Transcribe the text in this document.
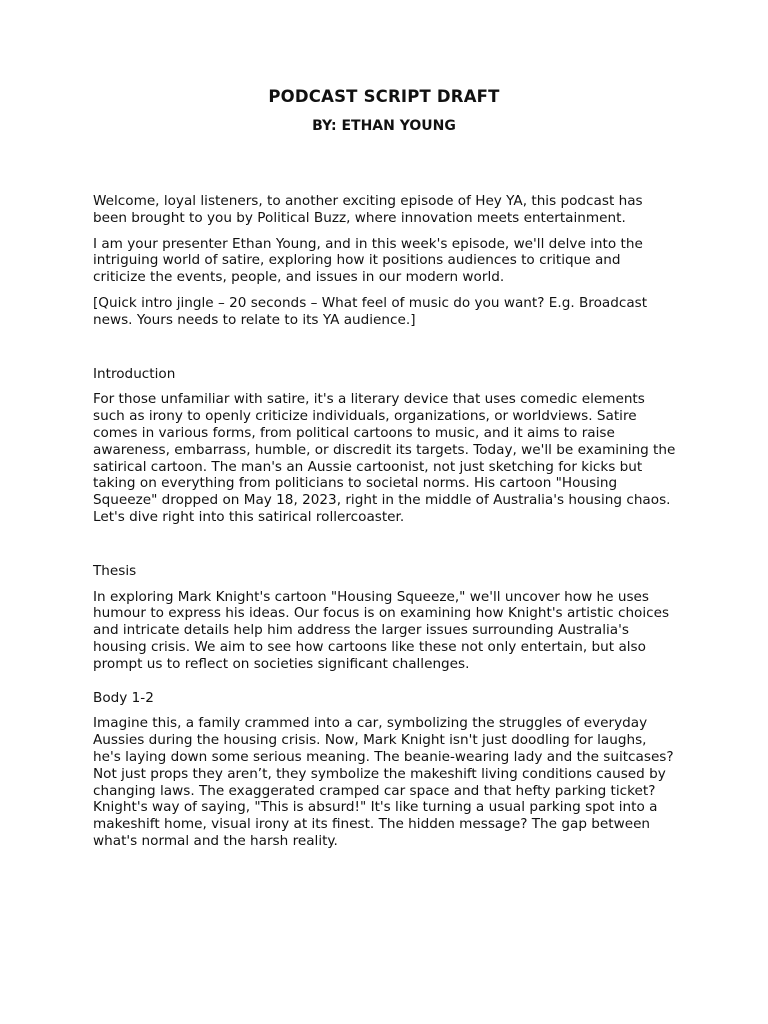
PODCAST SCRIPT DRAFT
BY: ETHAN YOUNG

Welcome, loyal listeners, to another exciting episode of Hey YA, this podcast has been brought to you by Political Buzz, where innovation meets entertainment.

I am your presenter Ethan Young, and in this week's episode, we'll delve into the intriguing world of satire, exploring how it positions audiences to critique and criticize the events, people, and issues in our modern world.

[Quick intro jingle – 20 seconds – What feel of music do you want? E.g. Broadcast news. Yours needs to relate to its YA audience.]

Introduction

For those unfamiliar with satire, it's a literary device that uses comedic elements such as irony to openly criticize individuals, organizations, or worldviews. Satire comes in various forms, from political cartoons to music, and it aims to raise awareness, embarrass, humble, or discredit its targets. Today, we'll be examining the satirical cartoon. The man's an Aussie cartoonist, not just sketching for kicks but taking on everything from politicians to societal norms. His cartoon "Housing Squeeze" dropped on May 18, 2023, right in the middle of Australia's housing chaos. Let's dive right into this satirical rollercoaster.

Thesis

In exploring Mark Knight's cartoon "Housing Squeeze," we'll uncover how he uses humour to express his ideas. Our focus is on examining how Knight's artistic choices and intricate details help him address the larger issues surrounding Australia's housing crisis. We aim to see how cartoons like these not only entertain, but also prompt us to reflect on societies significant challenges.

Body 1-2

Imagine this, a family crammed into a car, symbolizing the struggles of everyday Aussies during the housing crisis. Now, Mark Knight isn't just doodling for laughs, he's laying down some serious meaning. The beanie-wearing lady and the suitcases? Not just props they aren’t, they symbolize the makeshift living conditions caused by changing laws. The exaggerated cramped car space and that hefty parking ticket? Knight's way of saying, "This is absurd!" It's like turning a usual parking spot into a makeshift home, visual irony at its finest. The hidden message? The gap between what's normal and the harsh reality.
